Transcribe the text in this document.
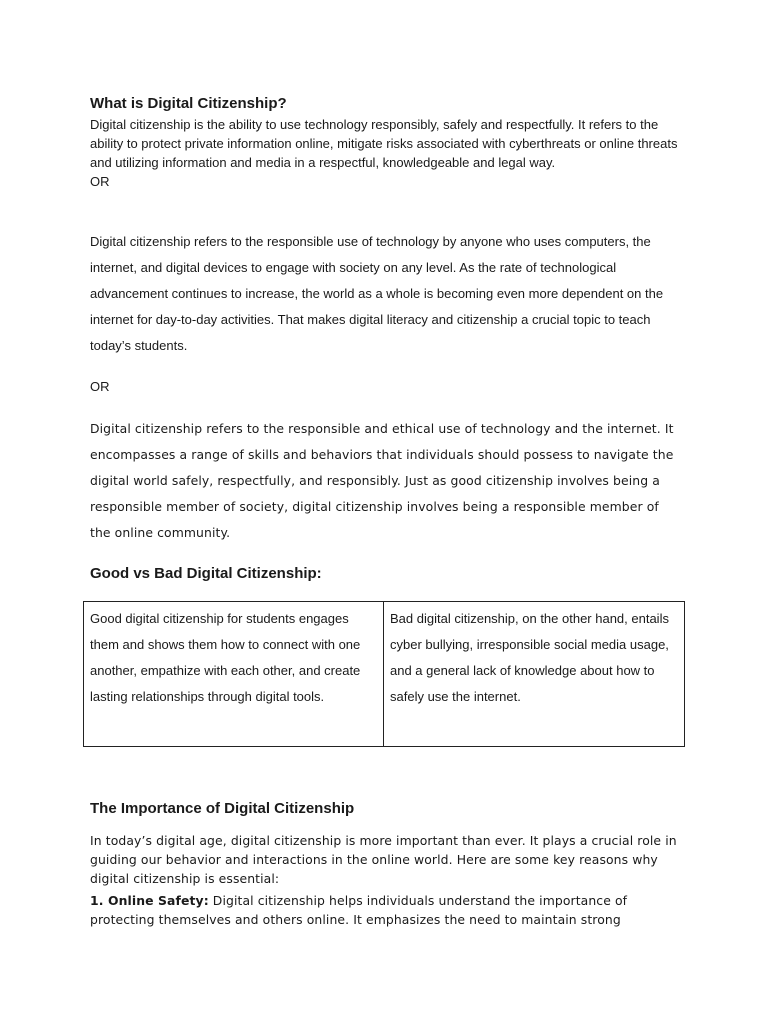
What is Digital Citizenship?

Digital citizenship is the ability to use technology responsibly, safely and respectfully. It refers to the ability to protect private information online, mitigate risks associated with cyberthreats or online threats and utilizing information and media in a respectful, knowledgeable and legal way.

OR

Digital citizenship refers to the responsible use of technology by anyone who uses computers, the internet, and digital devices to engage with society on any level. As the rate of technological advancement continues to increase, the world as a whole is becoming even more dependent on the internet for day-to-day activities. That makes digital literacy and citizenship a crucial topic to teach today’s students.

OR

Digital citizenship refers to the responsible and ethical use of technology and the internet. It encompasses a range of skills and behaviors that individuals should possess to navigate the digital world safely, respectfully, and responsibly. Just as good citizenship involves being a responsible member of society, digital citizenship involves being a responsible member of the online community.

Good vs Bad Digital Citizenship:
Good digital citizenship for students engages them and shows them how to connect with one another, empathize with each other, and create lasting relationships through digital tools.	Bad digital citizenship, on the other hand, entails cyber bullying, irresponsible social media usage, and a general lack of knowledge about how to safely use the internet.
The Importance of Digital Citizenship

In today’s digital age, digital citizenship is more important than ever. It plays a crucial role in guiding our behavior and interactions in the online world. Here are some key reasons why digital citizenship is essential:

1. Online Safety: Digital citizenship helps individuals understand the importance of protecting themselves and others online. It emphasizes the need to maintain strong
